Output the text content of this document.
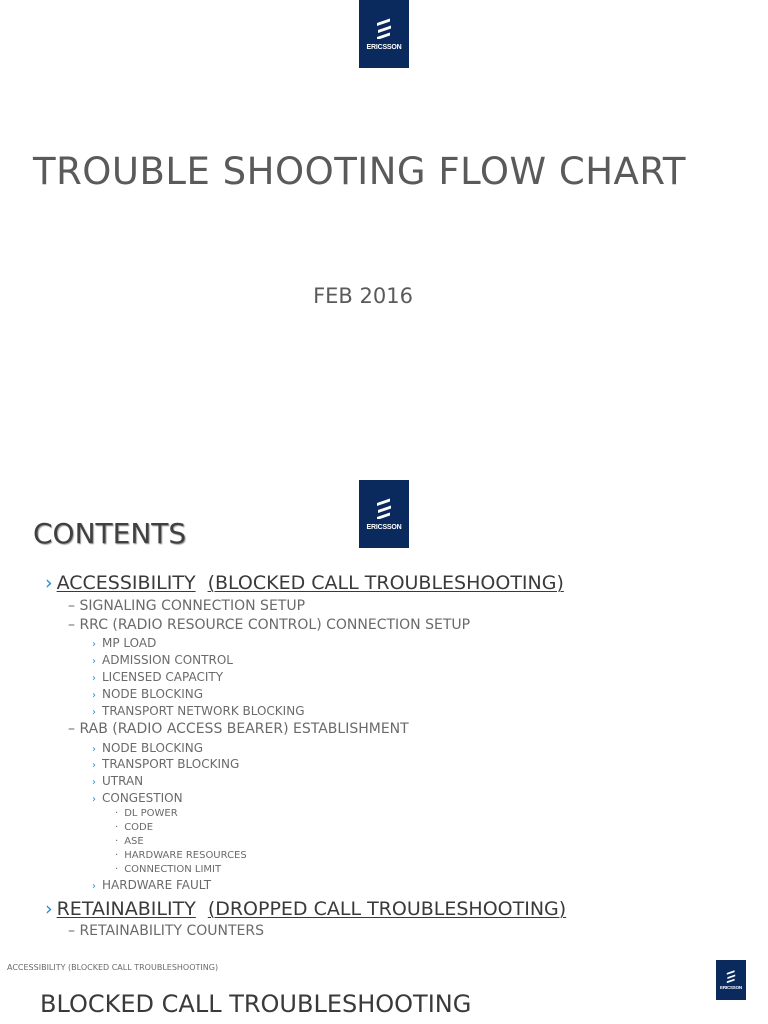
ERICSSON
TROUBLE SHOOTING FLOW CHART
FEB 2016
ERICSSON
CONTENTS
› ACCESSIBILITY (BLOCKED CALL TROUBLESHOOTING)
– SIGNALING CONNECTION SETUP
– RRC (RADIO RESOURCE CONTROL) CONNECTION SETUP
› MP LOAD
› ADMISSION CONTROL
› LICENSED CAPACITY
› NODE BLOCKING
› TRANSPORT NETWORK BLOCKING
– RAB (RADIO ACCESS BEARER) ESTABLISHMENT
› NODE BLOCKING
› TRANSPORT BLOCKING
› UTRAN
› CONGESTION
· DL POWER
· CODE
· ASE
· HARDWARE RESOURCES
· CONNECTION LIMIT
› HARDWARE FAULT
› RETAINABILITY (DROPPED CALL TROUBLESHOOTING)
– RETAINABILITY COUNTERS
ACCESSIBILITY (BLOCKED CALL TROUBLESHOOTING)
ERICSSON
BLOCKED CALL TROUBLESHOOTING
